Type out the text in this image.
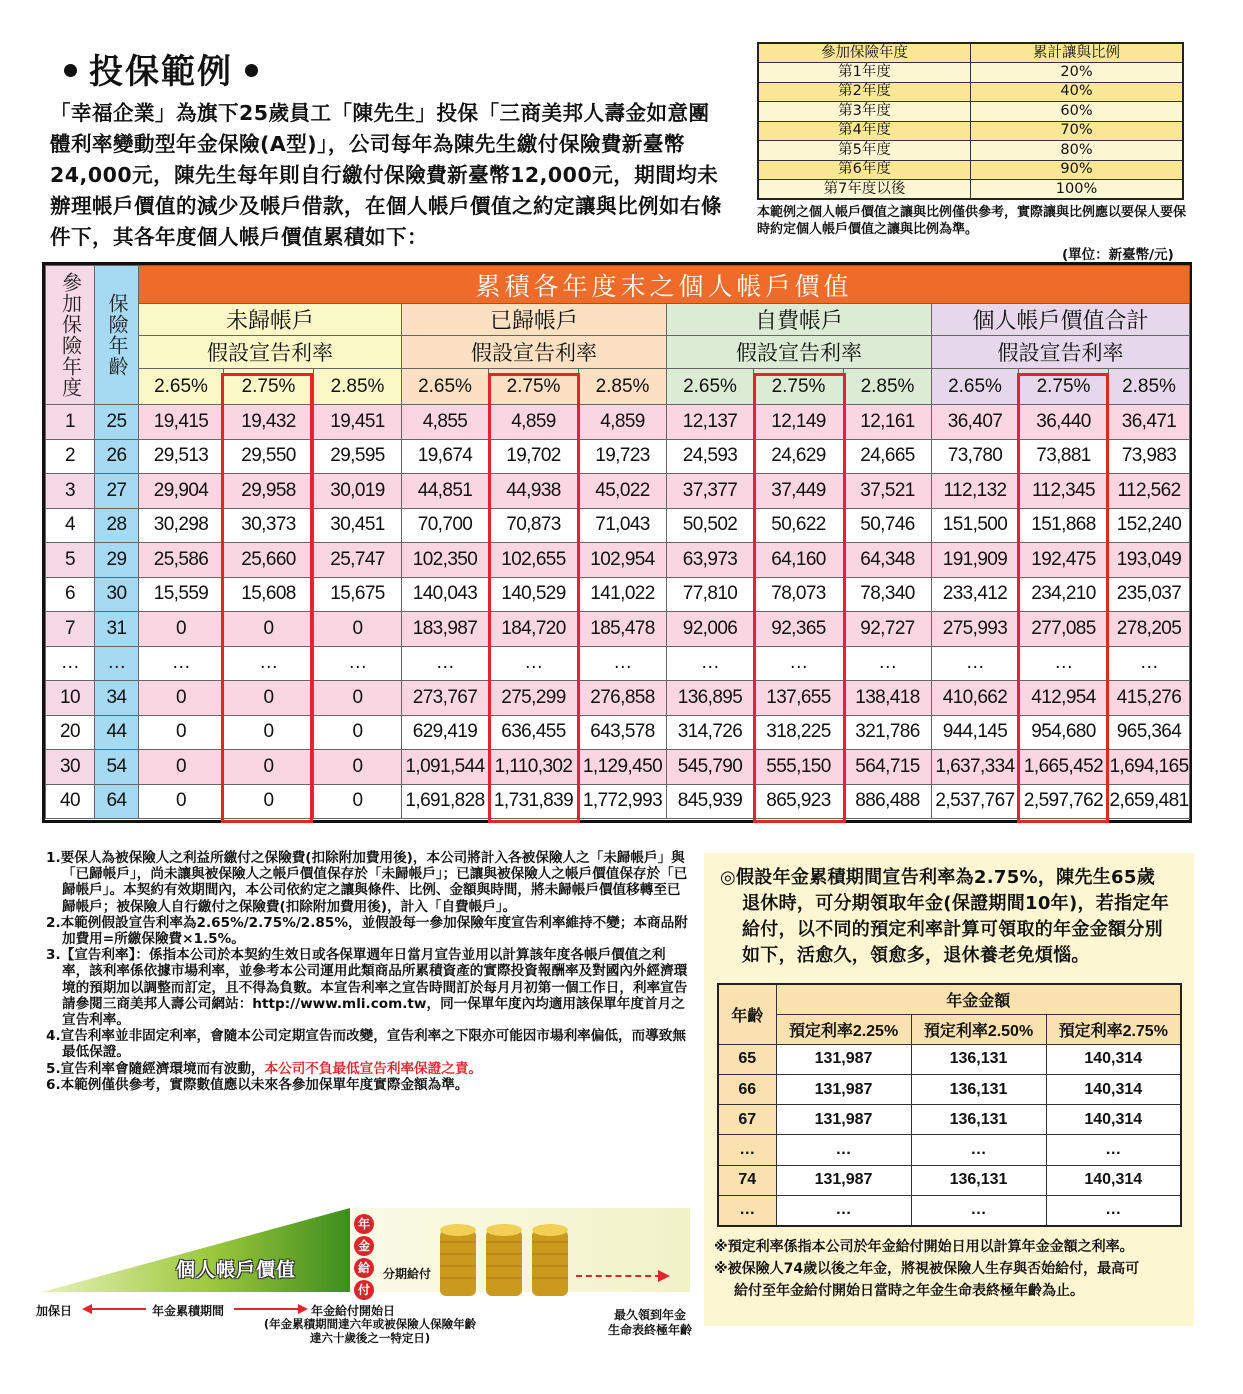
投保範例
「幸福企業」為旗下25歲員工「陳先生」投保「三商美邦人壽金如意團體利率變動型年金保險(A型)」，公司每年為陳先生繳付保險費新臺幣24,000元，陳先生每年則自行繳付保險費新臺幣12,000元，期間均未辦理帳戶價值的減少及帳戶借款，在個人帳戶價值之約定讓與比例如右條件下，其各年度個人帳戶價值累積如下：
參加保險年度	累計讓與比例
第1年度	20%
第2年度	40%
第3年度	60%
第4年度	70%
第5年度	80%
第6年度	90%
第7年度以後	100%
本範例之個人帳戶價值之讓與比例僅供參考，實際讓與比例應以要保人要保時約定個人帳戶價值之讓與比例為準。
(單位：新臺幣/元)
參加保險年度	保險年齡	累積各年度末之個人帳戶價值											
		未歸帳戶			已歸帳戶			自費帳戶			個人帳戶價值合計		
		假設宣告利率			假設宣告利率			假設宣告利率			假設宣告利率		
		2.65%	2.75%	2.85%	2.65%	2.75%	2.85%	2.65%	2.75%	2.85%	2.65%	2.75%	2.85%
1	25	19,415	19,432	19,451	4,855	4,859	4,859	12,137	12,149	12,161	36,407	36,440	36,471
2	26	29,513	29,550	29,595	19,674	19,702	19,723	24,593	24,629	24,665	73,780	73,881	73,983
3	27	29,904	29,958	30,019	44,851	44,938	45,022	37,377	37,449	37,521	112,132	112,345	112,562
4	28	30,298	30,373	30,451	70,700	70,873	71,043	50,502	50,622	50,746	151,500	151,868	152,240
5	29	25,586	25,660	25,747	102,350	102,655	102,954	63,973	64,160	64,348	191,909	192,475	193,049
6	30	15,559	15,608	15,675	140,043	140,529	141,022	77,810	78,073	78,340	233,412	234,210	235,037
7	31	0	0	0	183,987	184,720	185,478	92,006	92,365	92,727	275,993	277,085	278,205
…	…	…	…	…	…	…	…	…	…	…	…	…	…
10	34	0	0	0	273,767	275,299	276,858	136,895	137,655	138,418	410,662	412,954	415,276
20	44	0	0	0	629,419	636,455	643,578	314,726	318,225	321,786	944,145	954,680	965,364
30	54	0	0	0	1,091,544	1,110,302	1,129,450	545,790	555,150	564,715	1,637,334	1,665,452	1,694,165
40	64	0	0	0	1,691,828	1,731,839	1,772,993	845,939	865,923	886,488	2,537,767	2,597,762	2,659,481

1.要保人為被保險人之利益所繳付之保險費(扣除附加費用後)，本公司將計入各被保險人之「未歸帳戶」與「已歸帳戶」，尚未讓與被保險人之帳戶價值保存於「未歸帳戶」；已讓與被保險人之帳戶價值保存於「已歸帳戶」。本契約有效期間內，本公司依約定之讓與條件、比例、金額與時間，將未歸帳戶價值移轉至已歸帳戶；被保險人自行繳付之保險費(扣除附加費用後)，計入「自費帳戶」。

2.本範例假設宣告利率為2.65%/2.75%/2.85%，並假設每一參加保險年度宣告利率維持不變；本商品附加費用=所繳保險費×1.5%。

3.【宣告利率】：係指本公司於本契約生效日或各保單週年日當月宣告並用以計算該年度各帳戶價值之利率，該利率係依據市場利率，並參考本公司運用此類商品所累積資產的實際投資報酬率及對國內外經濟環境的預期加以調整而訂定，且不得為負數。本宣告利率之宣告時間訂於每月月初第一個工作日，利率宣告請參閱三商美邦人壽公司網站：http://www.mli.com.tw，同一保單年度內均適用該保單年度首月之宣告利率。

4.宣告利率並非固定利率，會隨本公司定期宣告而改變，宣告利率之下限亦可能因市場利率偏低，而導致無最低保證。

5.宣告利率會隨經濟環境而有波動，本公司不負最低宣告利率保證之責。

6.本範例僅供參考，實際數值應以未來各參加保單年度實際金額為準。

個人帳戶價值
年
金
給
付
分期給付
加保日	年金累積期間	年金給付開始日
(年金累積期間達六年或被保險人保險年齡達六十歲後之一特定日)
最久領到年金
生命表終極年齡
◎假設年金累積期間宣告利率為2.75%，陳先生65歲
退休時，可分期領取年金(保證期間10年)，若指定年給付，以不同的預定利率計算可領取的年金金額分別如下，活愈久，領愈多，退休養老免煩惱。
年齡	年金金額		
	預定利率2.25%	預定利率2.50%	預定利率2.75%
65	131,987	136,131	140,314
66	131,987	136,131	140,314
67	131,987	136,131	140,314
…	…	…	…
74	131,987	136,131	140,314
…	…	…	…
※預定利率係指本公司於年金給付開始日用以計算年金金額之利率。
※被保險人74歲以後之年金，將視被保險人生存與否始給付，最高可
給付至年金給付開始日當時之年金生命表終極年齡為止。
